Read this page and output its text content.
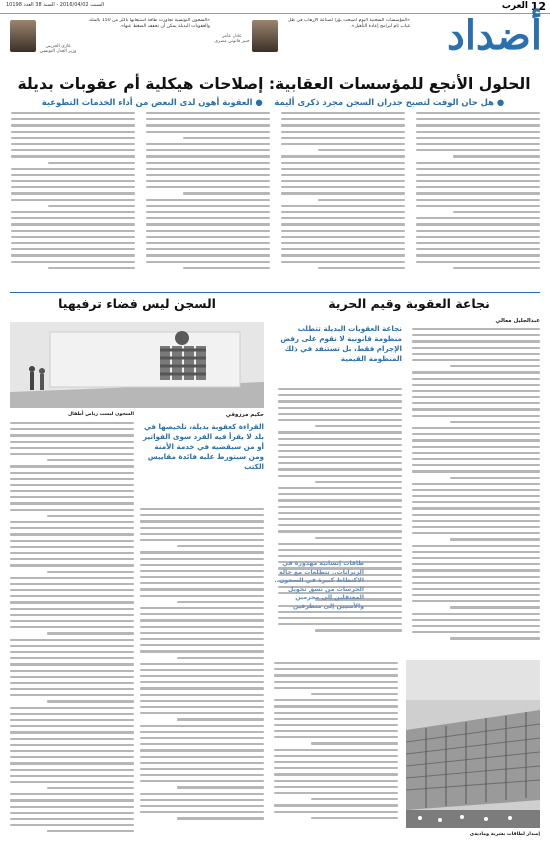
12
العرب
السبت 2016/04/02 - السنة 38 العدد 10198
أضداد
«المؤسسات السجنية اليوم أصبحت بؤرا لصناعة الإرهاب في ظل غياب تام لبرامج إعادة التأهيل».
عادل عامر
خبير قانوني مصري
«السجون التونسية تجاوزت طاقة استيعابها بأكثر من 150 بالمئة، والعقوبات البديلة يمكن أن تخفف الضغط عنها».
غازي الجريبي
وزير العدل التونسي
الحلول الأنجع للمؤسسات العقابية: إصلاحات هيكلية أم عقوبات بديلة
● هل حان الوقت لتصبح جدران السجن مجرد ذكرى أليمة    ● العقوبة أهون لدى البعض من أداء الخدمات التطوعية
السجن ليس فضاء ترفيهيا	نجاعة العقوبة وقيم الحرية
السجون ليست رياض أطفال	حكيم مرزوقي
القراءة كعقوبة بديلة، تلخيصها في بلد لا يقرأ فيه الفرد سوى الفواتير أو من سيقضيه في خدمة الأمنة ومن سيتورط عليه فائدة مقاييس الكتب
عبدالجليل معالي
نجاعة العقوبات البديلة تتطلب منظومة قانونية لا تقوم على رفض الإجرام فقط، بل تستنفد في ذلك المنظومة القيمية
طاقات إنسانية مهدورة في الزنزانات.. تتطلعات مع حالة الاكتظاظ كبيرة في السجون.. الحرسات من نسق تحويل المعتقلين إلى مجرمين والأمنيين إلى متطرفين
إصدار لطاقات بشرية وماديةى
